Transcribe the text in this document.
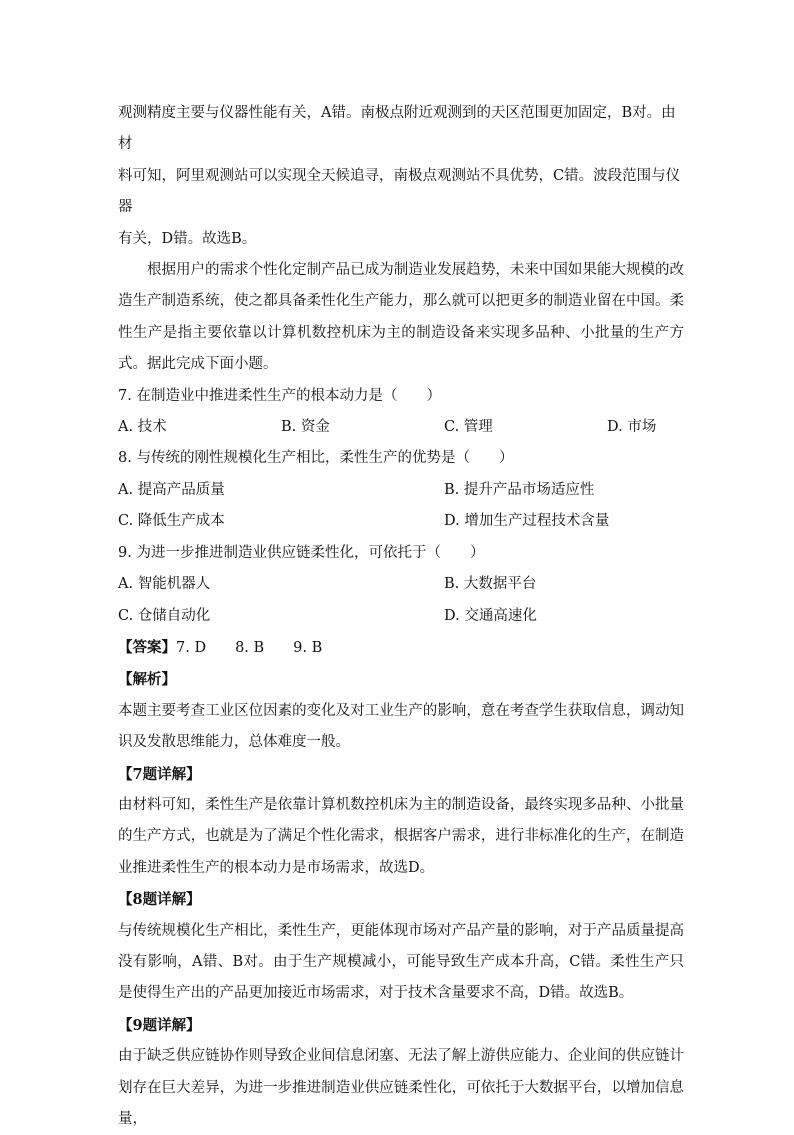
观测精度主要与仪器性能有关，A错。南极点附近观测到的天区范围更加固定，B对。由材

料可知，阿里观测站可以实现全天候追寻，南极点观测站不具优势，C错。波段范围与仪器

有关，D错。故选B。

根据用户的需求个性化定制产品已成为制造业发展趋势，未来中国如果能大规模的改造生产制造系统，使之都具备柔性化生产能力，那么就可以把更多的制造业留在中国。柔性生产是指主要依靠以计算机数控机床为主的制造设备来实现多品种、小批量的生产方式。据此完成下面小题。

7. 在制造业中推进柔性生产的根本动力是（　　）

A. 技术	B. 资金	C. 管理	D. 市场

8. 与传统的刚性规模化生产相比，柔性生产的优势是（　　）

A. 提高产品质量	B. 提升产品市场适应性
C. 降低生产成本	D. 增加生产过程技术含量

9. 为进一步推进制造业供应链柔性化，可依托于（　　）

A. 智能机器人	B. 大数据平台
C. 仓储自动化	D. 交通高速化

【答案】7. D　　8. B　　9. B

【解析】

本题主要考查工业区位因素的变化及对工业生产的影响，意在考查学生获取信息，调动知识及发散思维能力，总体难度一般。

【7题详解】

由材料可知，柔性生产是依靠计算机数控机床为主的制造设备，最终实现多品种、小批量的生产方式，也就是为了满足个性化需求，根据客户需求，进行非标准化的生产，在制造业推进柔性生产的根本动力是市场需求，故选D。

【8题详解】

与传统规模化生产相比，柔性生产，更能体现市场对产品产量的影响，对于产品质量提高没有影响，A错、B对。由于生产规模减小，可能导致生产成本升高，C错。柔性生产只是使得生产出的产品更加接近市场需求，对于技术含量要求不高，D错。故选B。

【9题详解】

由于缺乏供应链协作则导致企业间信息闭塞、无法了解上游供应能力、企业间的供应链计划存在巨大差异，为进一步推进制造业供应链柔性化，可依托于大数据平台，以增加信息量，
